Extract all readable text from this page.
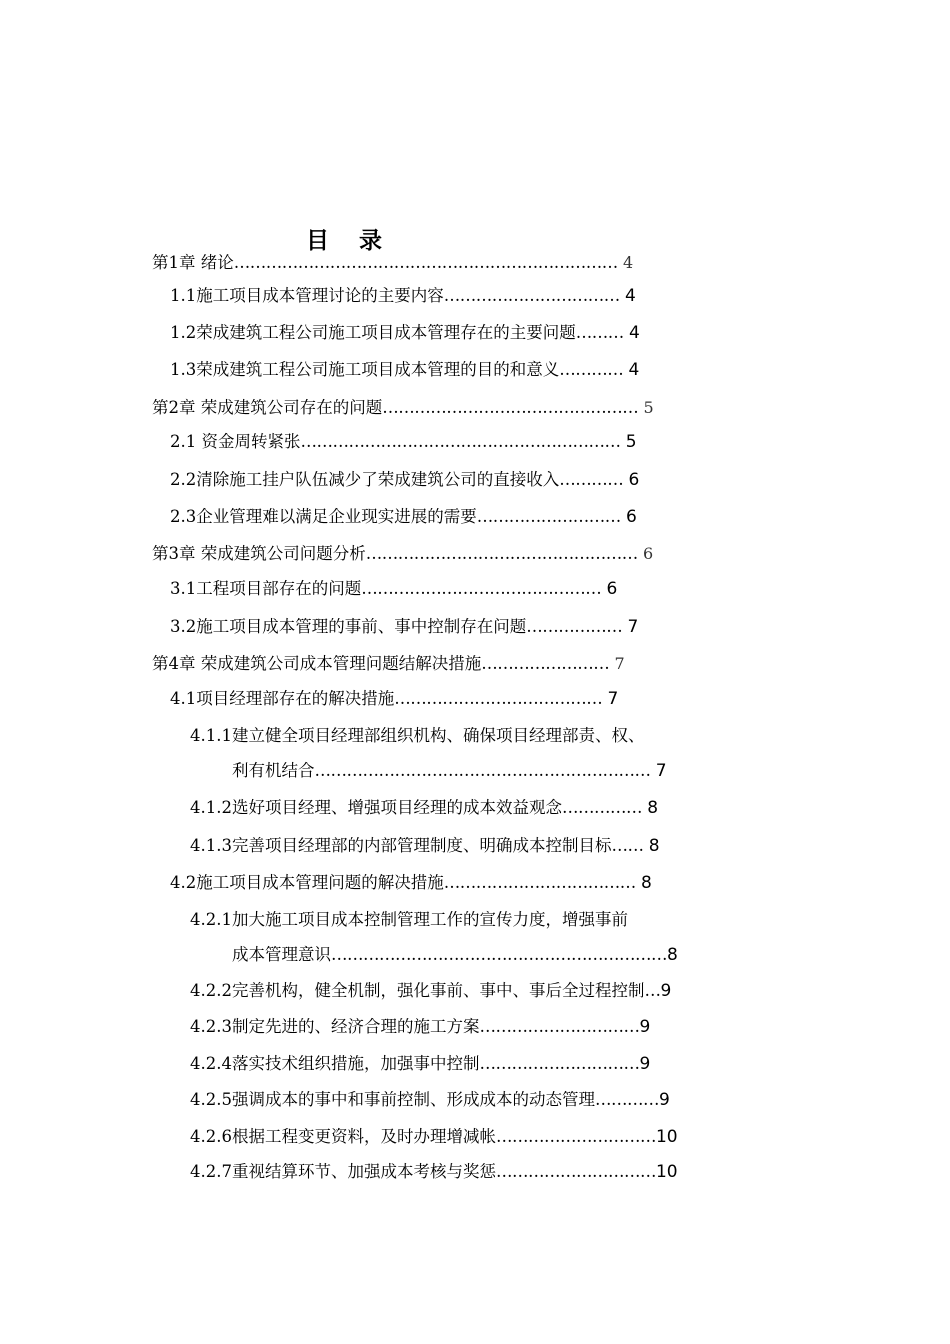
目 录
第1章 绪论……………………………………………………………… 4
1.1施工项目成本管理讨论的主要内容…………………………… 4
1.2荣成建筑工程公司施工项目成本管理存在的主要问题……… 4
1.3荣成建筑工程公司施工项目成本管理的目的和意义………… 4
第2章 荣成建筑公司存在的问题………………………………………… 5
2.1 资金周转紧张…………………………………………………… 5
2.2清除施工挂户队伍减少了荣成建筑公司的直接收入………… 6
2.3企业管理难以满足企业现实进展的需要……………………… 6
第3章 荣成建筑公司问题分析…………………………………………… 6
3.1工程项目部存在的问题……………………………………… 6
3.2施工项目成本管理的事前、事中控制存在问题……………… 7
第4章 荣成建筑公司成本管理问题结解决措施…………………… 7
4.1项目经理部存在的解决措施………………………………… 7
4.1.1建立健全项目经理部组织机构、确保项目经理部责、权、
利有机结合……………………………………………………… 7
4.1.2选好项目经理、增强项目经理的成本效益观念…………… 8
4.1.3完善项目经理部的内部管理制度、明确成本控制目标…… 8
4.2施工项目成本管理问题的解决措施……………………………… 8
4.2.1加大施工项目成本控制管理工作的宣传力度，增强事前
成本管理意识………………………………………………………8
4.2.2完善机构，健全机制，强化事前、事中、事后全过程控制…9
4.2.3制定先进的、经济合理的施工方案…………………………9
4.2.4落实技术组织措施，加强事中控制…………………………9
4.2.5强调成本的事中和事前控制、形成成本的动态管理…………9
4.2.6根据工程变更资料，及时办理增减帐…………………………10
4.2.7重视结算环节、加强成本考核与奖惩…………………………10
